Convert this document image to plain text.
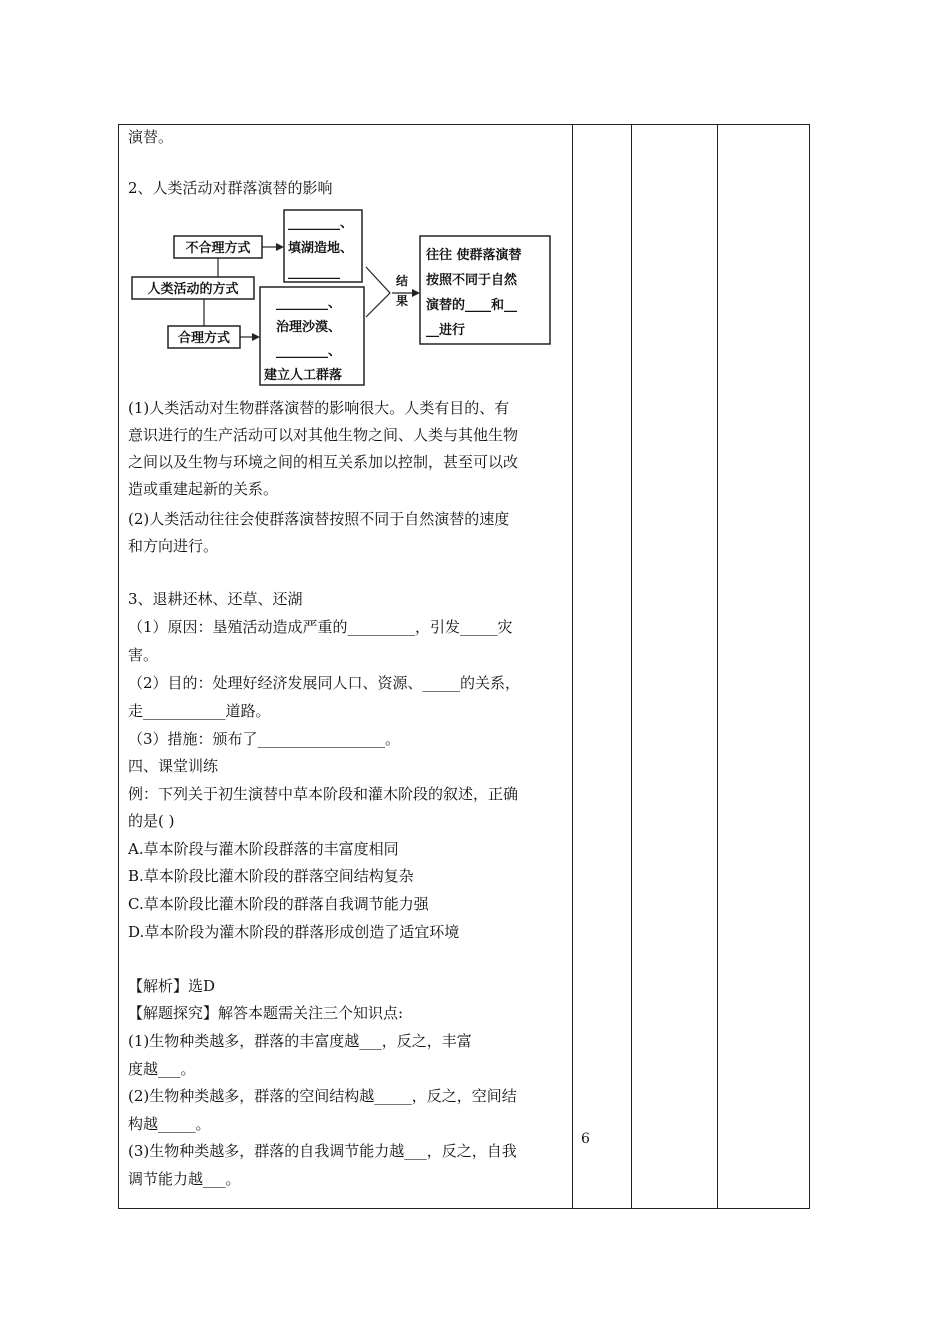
演替。
2、人类活动对群落演替的影响
(1)人类活动对生物群落演替的影响很大。人类有目的、有
意识进行的生产活动可以对其他生物之间、人类与其他生物
之间以及生物与环境之间的相互关系加以控制，甚至可以改
造或重建起新的关系。
(2)人类活动往往会使群落演替按照不同于自然演替的速度
和方向进行。
3、退耕还林、还草、还湖
（1）原因：垦殖活动造成严重的_________，引发_____灾
害。
（2）目的：处理好经济发展同人口、资源、_____的关系，
走___________道路。
（3）措施：颁布了_________________。
四、课堂训练
例：下列关于初生演替中草本阶段和灌木阶段的叙述，正确
的是( )
A.草本阶段与灌木阶段群落的丰富度相同
B.草本阶段比灌木阶段的群落空间结构复杂
C.草本阶段比灌木阶段的群落自我调节能力强
D.草本阶段为灌木阶段的群落形成创造了适宜环境
【解析】选D
【解题探究】解答本题需关注三个知识点:
(1)生物种类越多，群落的丰富度越___，反之，丰富
度越___。
(2)生物种类越多，群落的空间结构越_____，反之，空间结
构越_____。
(3)生物种类越多，群落的自我调节能力越___，反之，自我
调节能力越___。
不合理方式
人类活动的方式
合理方式
________、
填湖造地、
________
________、
治理沙漠、
________、
建立人工群落
结
果
往往 使群落演替
按照不同于自然
演替的____和__
__进行
6
